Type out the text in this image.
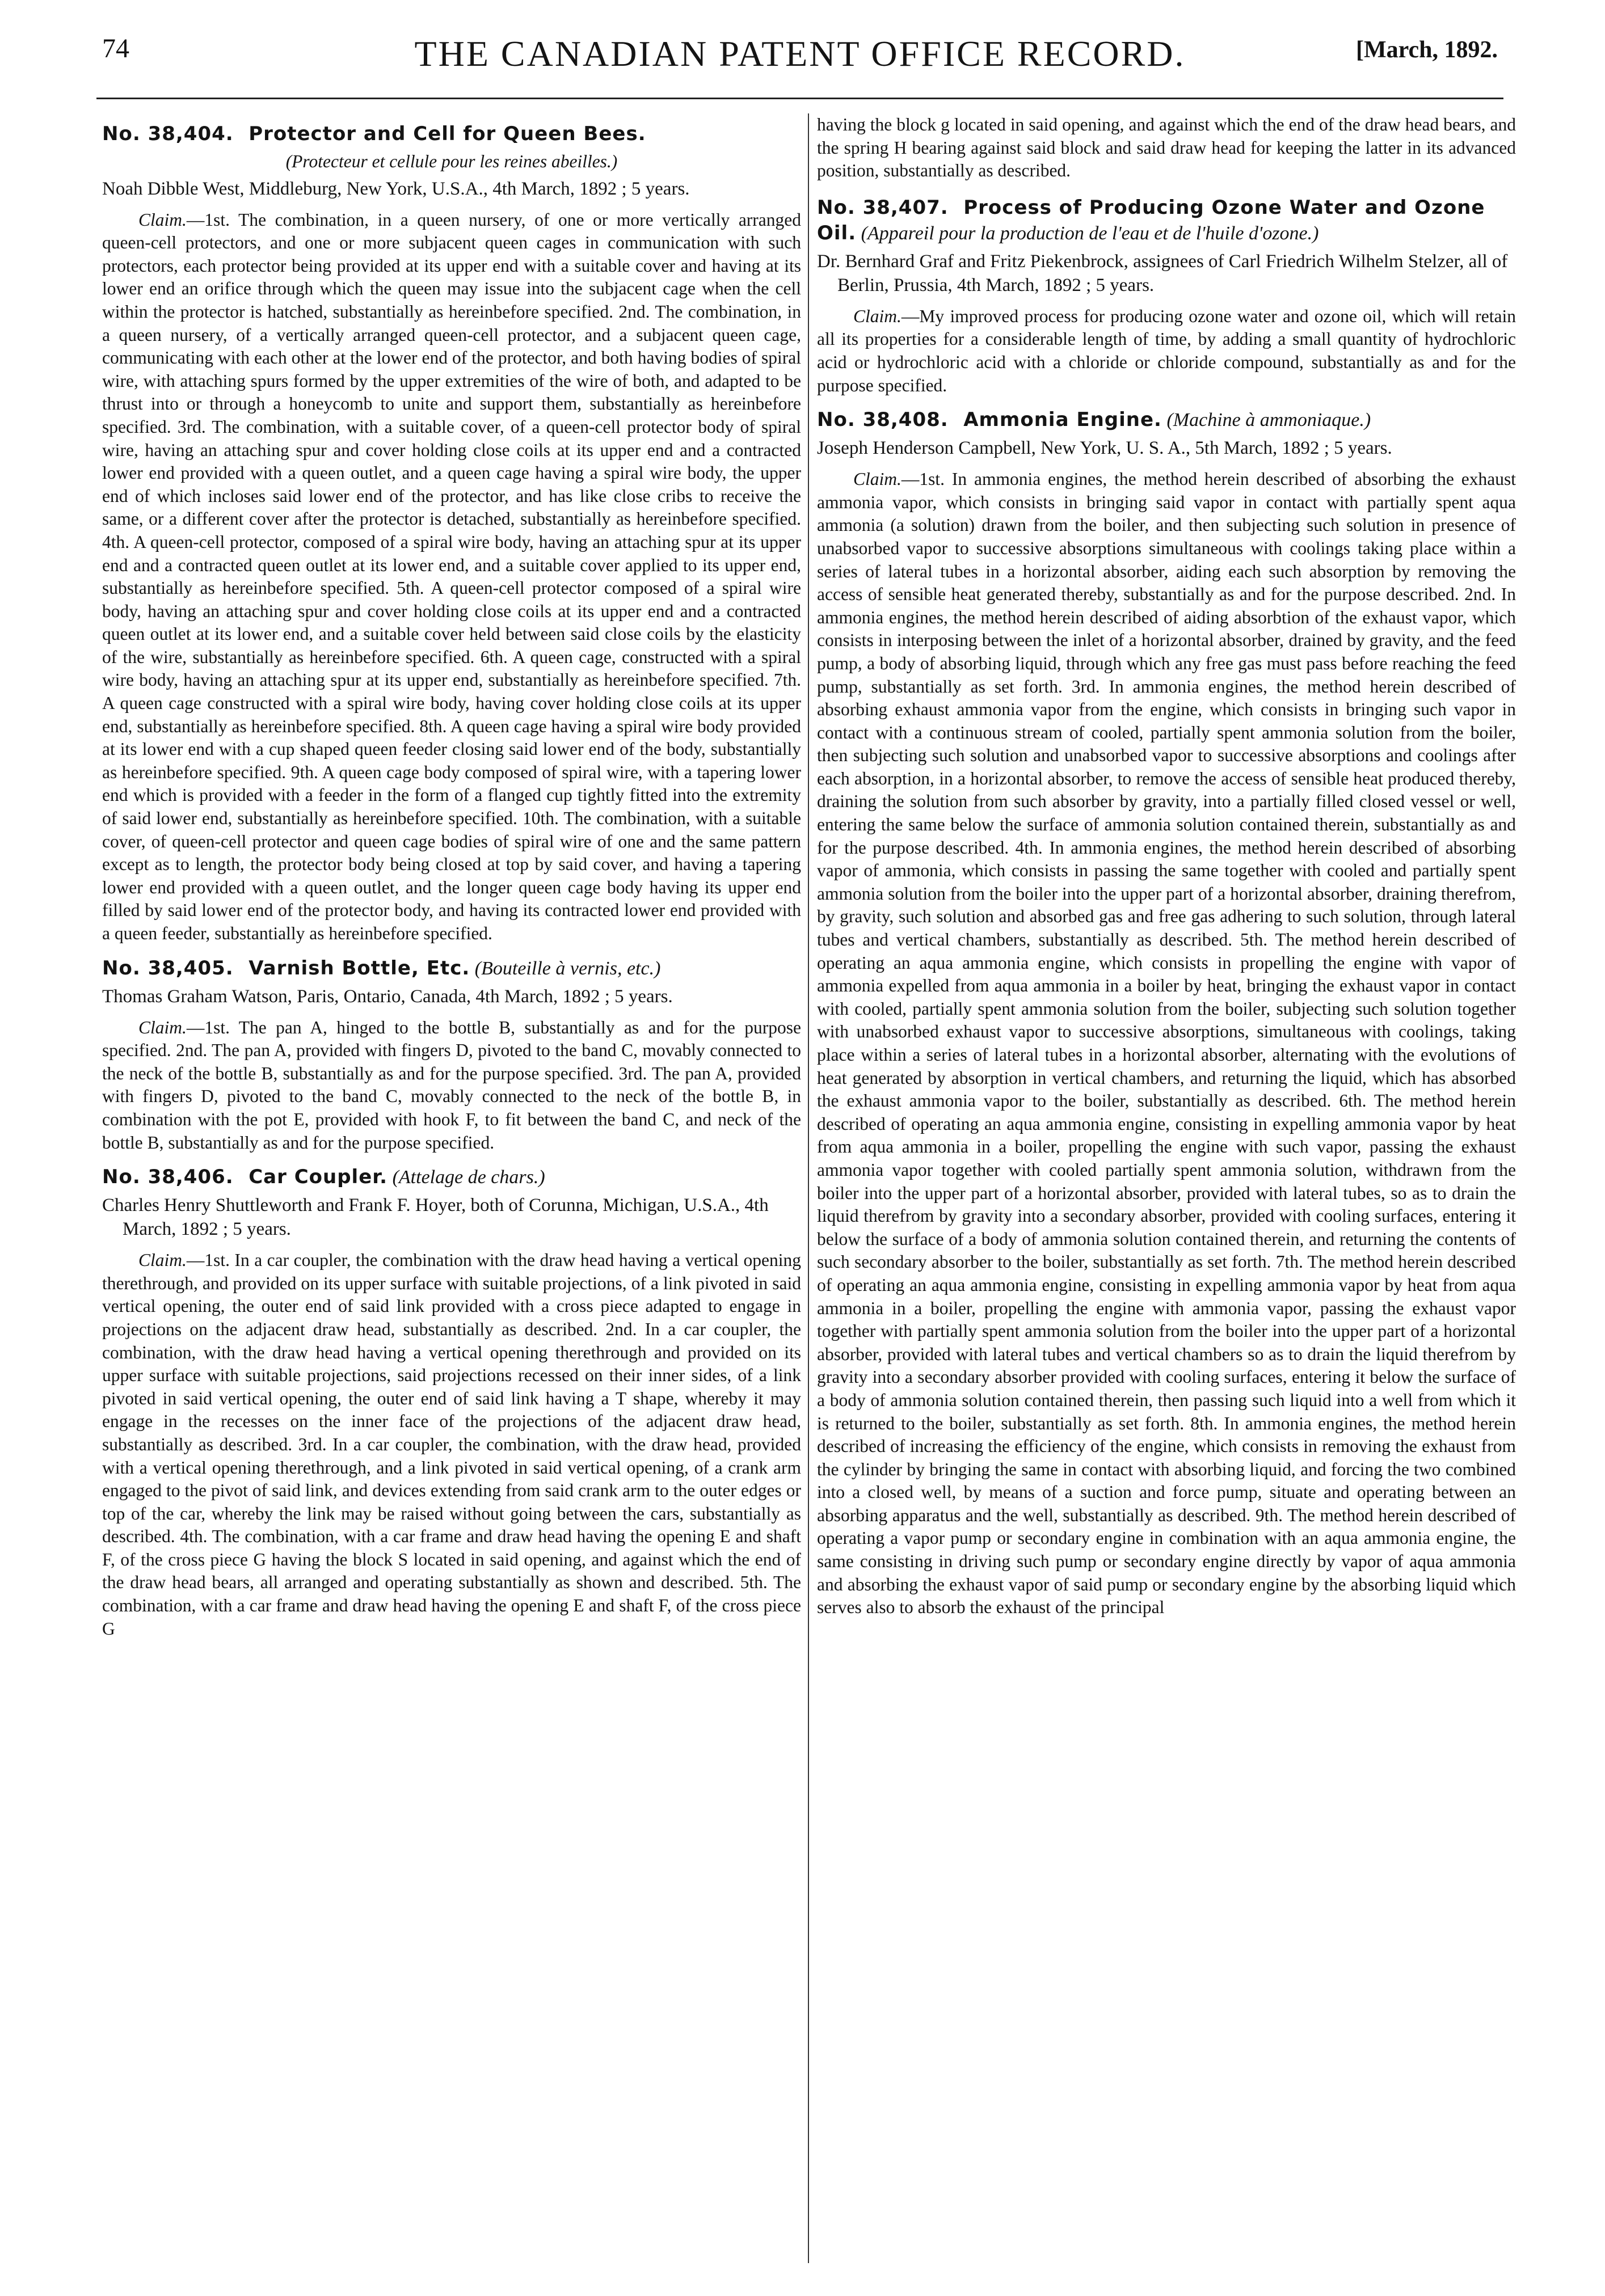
74	THE CANADIAN PATENT OFFICE RECORD.	[March, 1892.
No. 38,404. Protector and Cell for Queen Bees.
(Protecteur et cellule pour les reines abeilles.)
Noah Dibble West, Middleburg, New York, U.S.A., 4th March, 1892 ; 5 years.

Claim.—1st. The combination, in a queen nursery, of one or more vertically arranged queen-cell protectors, and one or more subjacent queen cages in communication with such protectors, each protector being provided at its upper end with a suitable cover and having at its lower end an orifice through which the queen may issue into the subjacent cage when the cell within the protector is hatched, substantially as hereinbefore specified. 2nd. The combination, in a queen nursery, of a vertically arranged queen-cell protector, and a subjacent queen cage, communicating with each other at the lower end of the protector, and both having bodies of spiral wire, with attaching spurs formed by the upper extremities of the wire of both, and adapted to be thrust into or through a honeycomb to unite and support them, substantially as hereinbefore specified. 3rd. The combination, with a suitable cover, of a queen-cell protector body of spiral wire, having an attaching spur and cover holding close coils at its upper end and a contracted lower end provided with a queen outlet, and a queen cage having a spiral wire body, the upper end of which incloses said lower end of the protector, and has like close cribs to receive the same, or a different cover after the protector is detached, substantially as hereinbefore specified. 4th. A queen-cell protector, composed of a spiral wire body, having an attaching spur at its upper end and a contracted queen outlet at its lower end, and a suitable cover applied to its upper end, substantially as hereinbefore specified. 5th. A queen-cell protector composed of a spiral wire body, having an attaching spur and cover holding close coils at its upper end and a contracted queen outlet at its lower end, and a suitable cover held between said close coils by the elasticity of the wire, substantially as hereinbefore specified. 6th. A queen cage, constructed with a spiral wire body, having an attaching spur at its upper end, substantially as hereinbefore specified. 7th. A queen cage constructed with a spiral wire body, having cover holding close coils at its upper end, substantially as hereinbefore specified. 8th. A queen cage having a spiral wire body provided at its lower end with a cup shaped queen feeder closing said lower end of the body, substantially as hereinbefore specified. 9th. A queen cage body composed of spiral wire, with a tapering lower end which is provided with a feeder in the form of a flanged cup tightly fitted into the extremity of said lower end, substantially as hereinbefore specified. 10th. The combination, with a suitable cover, of queen-cell protector and queen cage bodies of spiral wire of one and the same pattern except as to length, the protector body being closed at top by said cover, and having a tapering lower end provided with a queen outlet, and the longer queen cage body having its upper end filled by said lower end of the protector body, and having its contracted lower end provided with a queen feeder, substantially as hereinbefore specified.

No. 38,405. Varnish Bottle, Etc. (Bouteille à vernis, etc.)
Thomas Graham Watson, Paris, Ontario, Canada, 4th March, 1892 ; 5 years.

Claim.—1st. The pan A, hinged to the bottle B, substantially as and for the purpose specified. 2nd. The pan A, provided with fingers D, pivoted to the band C, movably connected to the neck of the bottle B, substantially as and for the purpose specified. 3rd. The pan A, provided with fingers D, pivoted to the band C, movably connected to the neck of the bottle B, in combination with the pot E, provided with hook F, to fit between the band C, and neck of the bottle B, substantially as and for the purpose specified.

No. 38,406. Car Coupler. (Attelage de chars.)
Charles Henry Shuttleworth and Frank F. Hoyer, both of Corunna, Michigan, U.S.A., 4th March, 1892 ; 5 years.

Claim.—1st. In a car coupler, the combination with the draw head having a vertical opening therethrough, and provided on its upper surface with suitable projections, of a link pivoted in said vertical opening, the outer end of said link provided with a cross piece adapted to engage in projections on the adjacent draw head, substantially as described. 2nd. In a car coupler, the combination, with the draw head having a vertical opening therethrough and provided on its upper surface with suitable projections, said projections recessed on their inner sides, of a link pivoted in said vertical opening, the outer end of said link having a T shape, whereby it may engage in the recesses on the inner face of the projections of the adjacent draw head, substantially as described. 3rd. In a car coupler, the combination, with the draw head, provided with a vertical opening therethrough, and a link pivoted in said vertical opening, of a crank arm engaged to the pivot of said link, and devices extending from said crank arm to the outer edges or top of the car, whereby the link may be raised without going between the cars, substantially as described. 4th. The combination, with a car frame and draw head having the opening E and shaft F, of the cross piece G having the block S located in said opening, and against which the end of the draw head bears, all arranged and operating substantially as shown and described. 5th. The combination, with a car frame and draw head having the opening E and shaft F, of the cross piece G

having the block g located in said opening, and against which the end of the draw head bears, and the spring H bearing against said block and said draw head for keeping the latter in its advanced position, substantially as described.

No. 38,407. Process of Producing Ozone Water and Ozone Oil. (Appareil pour la production de l'eau et de l'huile d'ozone.)
Dr. Bernhard Graf and Fritz Piekenbrock, assignees of Carl Friedrich Wilhelm Stelzer, all of Berlin, Prussia, 4th March, 1892 ; 5 years.

Claim.—My improved process for producing ozone water and ozone oil, which will retain all its properties for a considerable length of time, by adding a small quantity of hydrochloric acid or hydrochloric acid with a chloride or chloride compound, substantially as and for the purpose specified.

No. 38,408. Ammonia Engine. (Machine à ammoniaque.)
Joseph Henderson Campbell, New York, U. S. A., 5th March, 1892 ; 5 years.

Claim.—1st. In ammonia engines, the method herein described of absorbing the exhaust ammonia vapor, which consists in bringing said vapor in contact with partially spent aqua ammonia (a solution) drawn from the boiler, and then subjecting such solution in presence of unabsorbed vapor to successive absorptions simultaneous with coolings taking place within a series of lateral tubes in a horizontal absorber, aiding each such absorption by removing the access of sensible heat generated thereby, substantially as and for the purpose described. 2nd. In ammonia engines, the method herein described of aiding absorbtion of the exhaust vapor, which consists in interposing between the inlet of a horizontal absorber, drained by gravity, and the feed pump, a body of absorbing liquid, through which any free gas must pass before reaching the feed pump, substantially as set forth. 3rd. In ammonia engines, the method herein described of absorbing exhaust ammonia vapor from the engine, which consists in bringing such vapor in contact with a continuous stream of cooled, partially spent ammonia solution from the boiler, then subjecting such solution and unabsorbed vapor to successive absorptions and coolings after each absorption, in a horizontal absorber, to remove the access of sensible heat produced thereby, draining the solution from such absorber by gravity, into a partially filled closed vessel or well, entering the same below the surface of ammonia solution contained therein, substantially as and for the purpose described. 4th. In ammonia engines, the method herein described of absorbing vapor of ammonia, which consists in passing the same together with cooled and partially spent ammonia solution from the boiler into the upper part of a horizontal absorber, draining therefrom, by gravity, such solution and absorbed gas and free gas adhering to such solution, through lateral tubes and vertical chambers, substantially as described. 5th. The method herein described of operating an aqua ammonia engine, which consists in propelling the engine with vapor of ammonia expelled from aqua ammonia in a boiler by heat, bringing the exhaust vapor in contact with cooled, partially spent ammonia solution from the boiler, subjecting such solution together with unabsorbed exhaust vapor to successive absorptions, simultaneous with coolings, taking place within a series of lateral tubes in a horizontal absorber, alternating with the evolutions of heat generated by absorption in vertical chambers, and returning the liquid, which has absorbed the exhaust ammonia vapor to the boiler, substantially as described. 6th. The method herein described of operating an aqua ammonia engine, consisting in expelling ammonia vapor by heat from aqua ammonia in a boiler, propelling the engine with such vapor, passing the exhaust ammonia vapor together with cooled partially spent ammonia solution, withdrawn from the boiler into the upper part of a horizontal absorber, provided with lateral tubes, so as to drain the liquid therefrom by gravity into a secondary absorber, provided with cooling surfaces, entering it below the surface of a body of ammonia solution contained therein, and returning the contents of such secondary absorber to the boiler, substantially as set forth. 7th. The method herein described of operating an aqua ammonia engine, consisting in expelling ammonia vapor by heat from aqua ammonia in a boiler, propelling the engine with ammonia vapor, passing the exhaust vapor together with partially spent ammonia solution from the boiler into the upper part of a horizontal absorber, provided with lateral tubes and vertical chambers so as to drain the liquid therefrom by gravity into a secondary absorber provided with cooling surfaces, entering it below the surface of a body of ammonia solution contained therein, then passing such liquid into a well from which it is returned to the boiler, substantially as set forth. 8th. In ammonia engines, the method herein described of increasing the efficiency of the engine, which consists in removing the exhaust from the cylinder by bringing the same in contact with absorbing liquid, and forcing the two combined into a closed well, by means of a suction and force pump, situate and operating between an absorbing apparatus and the well, substantially as described. 9th. The method herein described of operating a vapor pump or secondary engine in combination with an aqua ammonia engine, the same consisting in driving such pump or secondary engine directly by vapor of aqua ammonia and absorbing the exhaust vapor of said pump or secondary engine by the absorbing liquid which serves also to absorb the exhaust of the principal
